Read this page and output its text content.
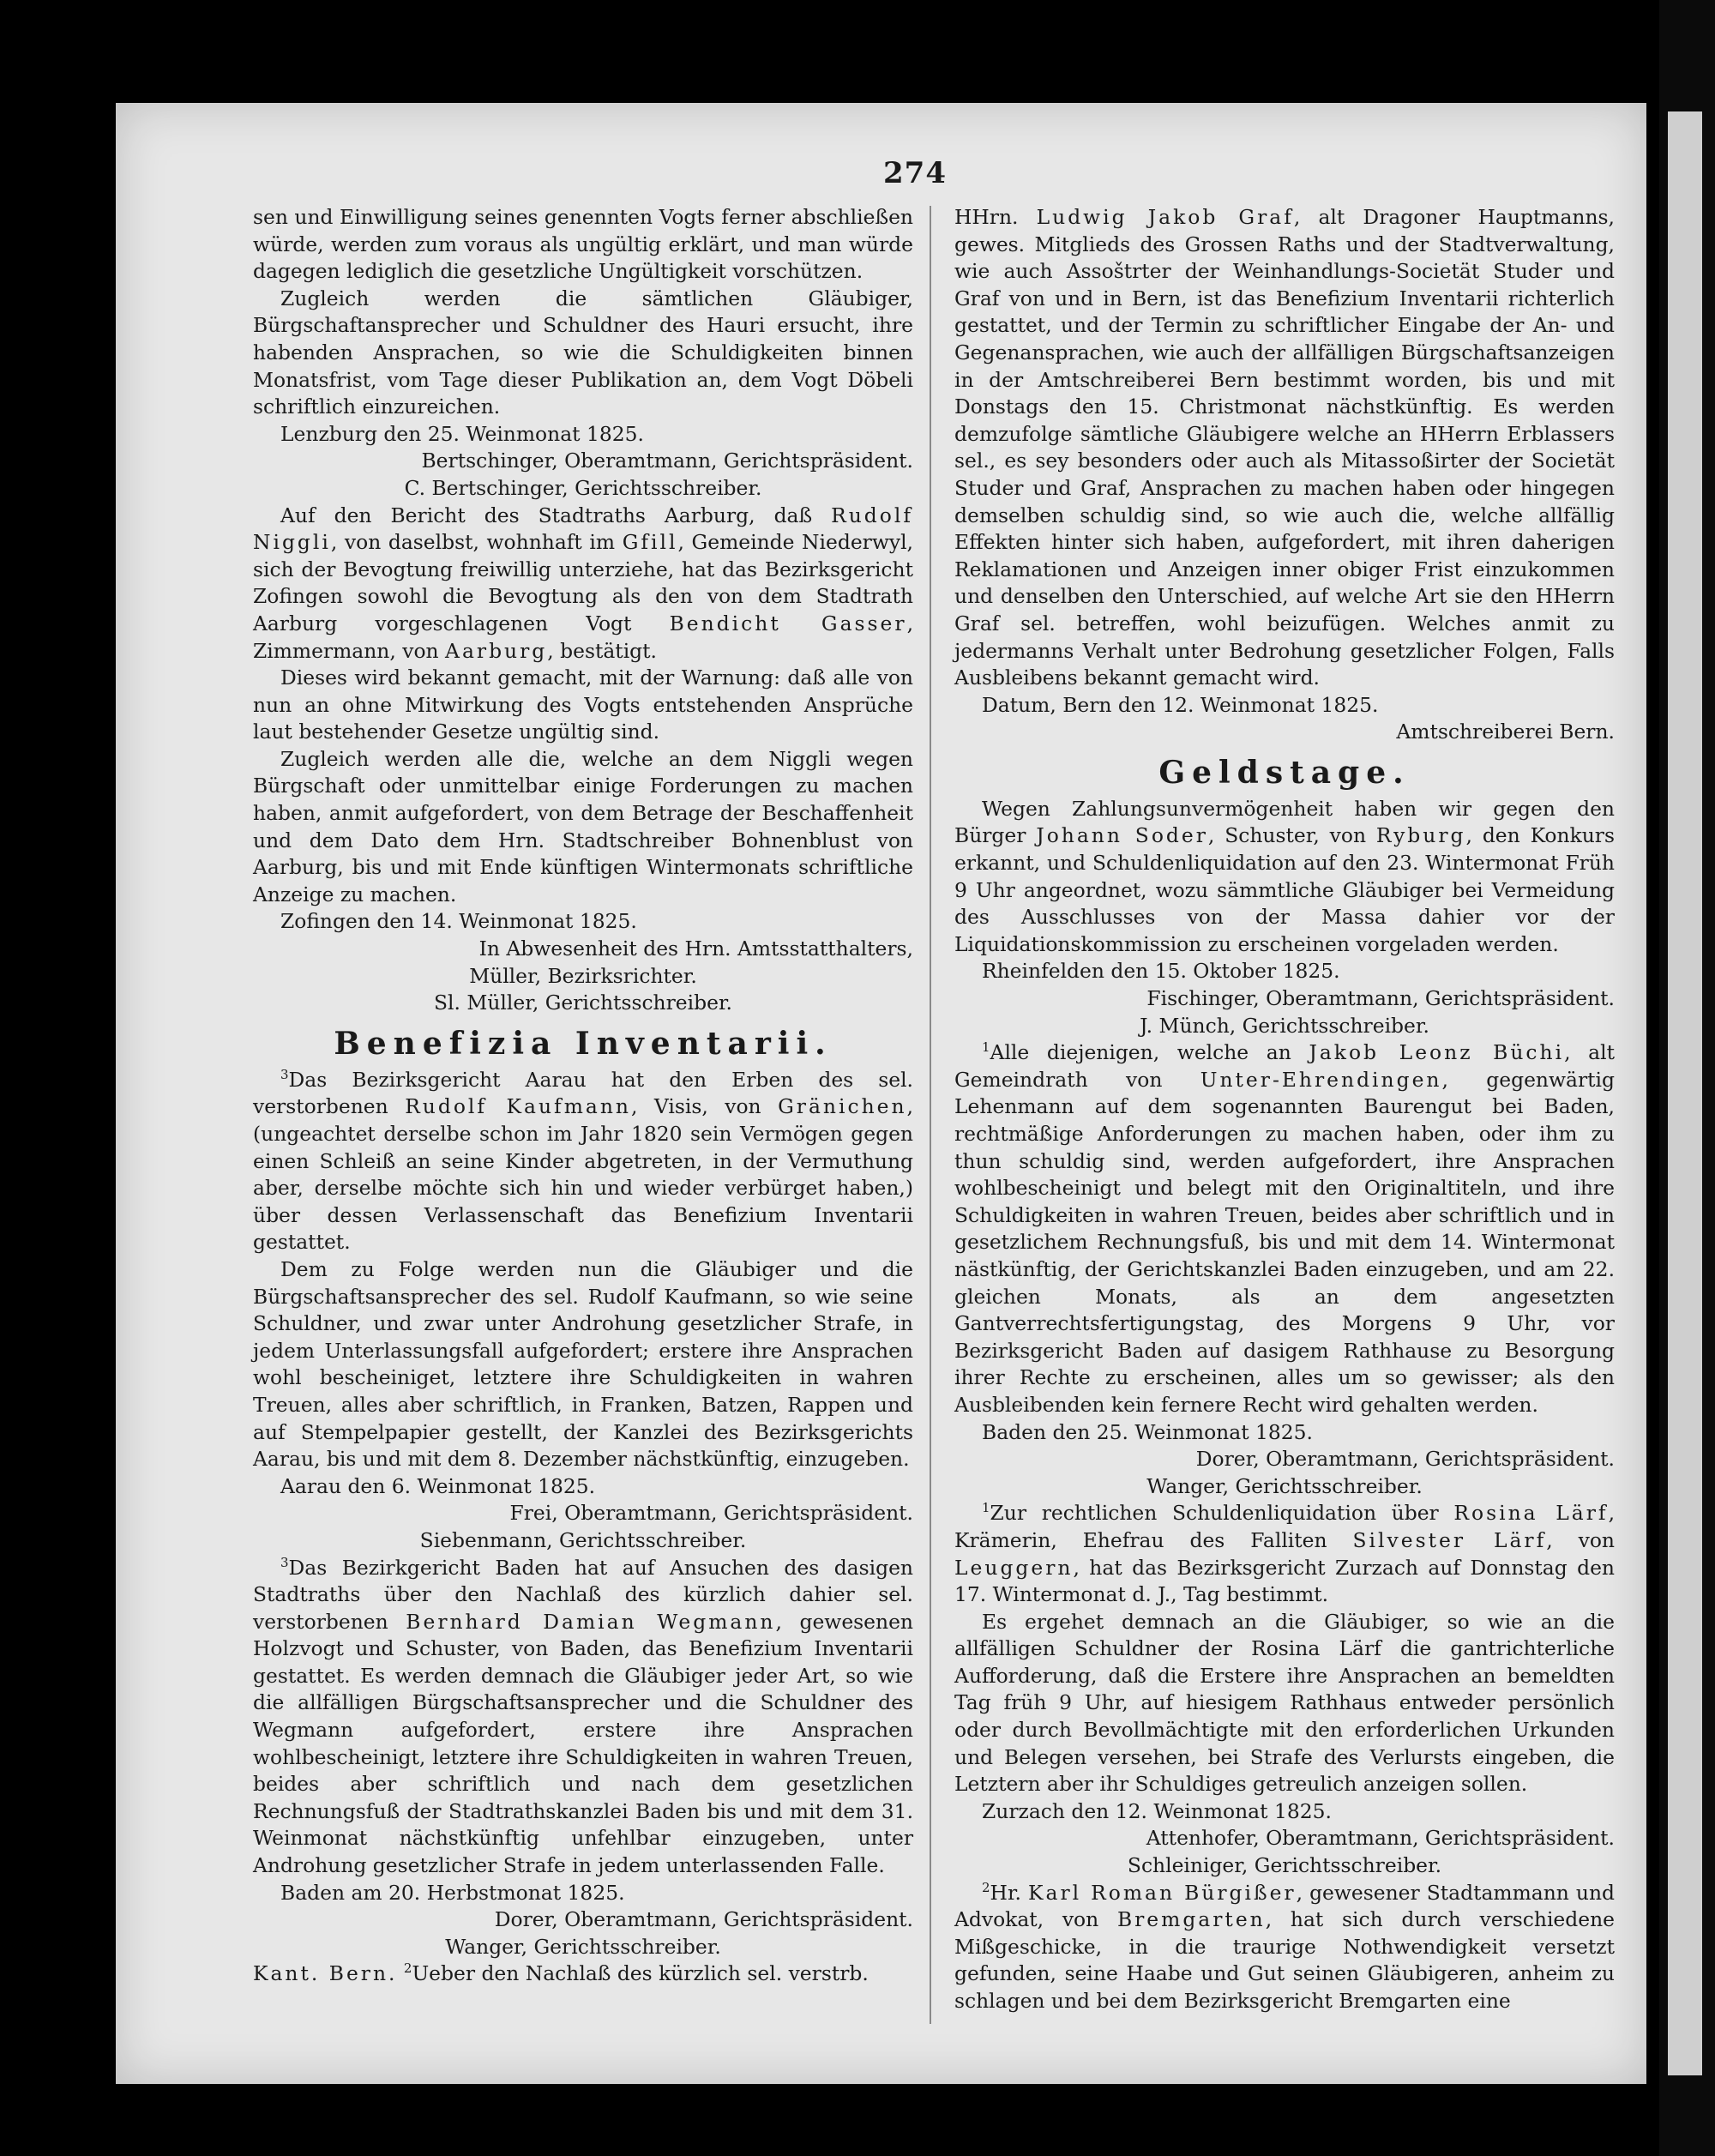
274

sen und Einwilligung seines genennten Vogts ferner abschließen würde, werden zum voraus als ungültig erklärt, und man würde dagegen lediglich die gesetzliche Ungültigkeit vorschützen.

Zugleich werden die sämtlichen Gläubiger, Bürgschaftansprecher und Schuldner des Hauri ersucht, ihre habenden Ansprachen, so wie die Schuldigkeiten binnen Monatsfrist, vom Tage dieser Publikation an, dem Vogt Döbeli schriftlich einzureichen.

Lenzburg den 25. Weinmonat 1825.

Bertschinger, Oberamtmann, Gerichtspräsident.

C. Bertschinger, Gerichtsschreiber.

Auf den Bericht des Stadtraths Aarburg, daß Rudolf Niggli, von daselbst, wohnhaft im Gfill, Gemeinde Niederwyl, sich der Bevogtung freiwillig unterziehe, hat das Bezirksgericht Zofingen sowohl die Bevogtung als den von dem Stadtrath Aarburg vorgeschlagenen Vogt Bendicht Gasser, Zimmermann, von Aarburg, bestätigt.

Dieses wird bekannt gemacht, mit der Warnung: daß alle von nun an ohne Mitwirkung des Vogts entstehenden Ansprüche laut bestehender Gesetze ungültig sind.

Zugleich werden alle die, welche an dem Niggli wegen Bürgschaft oder unmittelbar einige Forderungen zu machen haben, anmit aufgefordert, von dem Betrage der Beschaffenheit und dem Dato dem Hrn. Stadtschreiber Bohnenblust von Aarburg, bis und mit Ende künftigen Wintermonats schriftliche Anzeige zu machen.

Zofingen den 14. Weinmonat 1825.

In Abwesenheit des Hrn. Amtsstatthalters,

Müller, Bezirksrichter.

Sl. Müller, Gerichtsschreiber.

Benefizia Inventarii.

$^3$Das Bezirksgericht Aarau hat den Erben des sel. verstorbenen Rudolf Kaufmann, Visis, von Gränichen, (ungeachtet derselbe schon im Jahr 1820 sein Vermögen gegen einen Schleiß an seine Kinder abgetreten, in der Vermuthung aber, derselbe möchte sich hin und wieder verbürget haben,) über dessen Verlassenschaft das Benefizium Inventarii gestattet.

Dem zu Folge werden nun die Gläubiger und die Bürgschaftsansprecher des sel. Rudolf Kaufmann, so wie seine Schuldner, und zwar unter Androhung gesetzlicher Strafe, in jedem Unterlassungsfall aufgefordert; erstere ihre Ansprachen wohl bescheiniget, letztere ihre Schuldigkeiten in wahren Treuen, alles aber schriftlich, in Franken, Batzen, Rappen und auf Stempelpapier gestellt, der Kanzlei des Bezirksgerichts Aarau, bis und mit dem 8. Dezember nächstkünftig, einzugeben.

Aarau den 6. Weinmonat 1825.

Frei, Oberamtmann, Gerichtspräsident.

Siebenmann, Gerichtsschreiber.

$^3$Das Bezirkgericht Baden hat auf Ansuchen des dasigen Stadtraths über den Nachlaß des kürzlich dahier sel. verstorbenen Bernhard Damian Wegmann, gewesenen Holzvogt und Schuster, von Baden, das Benefizium Inventarii gestattet. Es werden demnach die Gläubiger jeder Art, so wie die allfälligen Bürgschaftsansprecher und die Schuldner des Wegmann aufgefordert, erstere ihre Ansprachen wohlbescheinigt, letztere ihre Schuldigkeiten in wahren Treuen, beides aber schriftlich und nach dem gesetzlichen Rechnungsfuß der Stadtrathskanzlei Baden bis und mit dem 31. Weinmonat nächstkünftig unfehlbar einzugeben, unter Androhung gesetzlicher Strafe in jedem unterlassenden Falle.

Baden am 20. Herbstmonat 1825.

Dorer, Oberamtmann, Gerichtspräsident.

Wanger, Gerichtsschreiber.

Kant. Bern. $^2$Ueber den Nachlaß des kürzlich sel. verstrb.

HHrn. Ludwig Jakob Graf, alt Dragoner Hauptmanns, gewes. Mitglieds des Grossen Raths und der Stadtverwaltung, wie auch Assoštrter der Weinhandlungs-Societät Studer und Graf von und in Bern, ist das Benefizium Inventarii richterlich gestattet, und der Termin zu schriftlicher Eingabe der An- und Gegenansprachen, wie auch der allfälligen Bürgschaftsanzeigen in der Amtschreiberei Bern bestimmt worden, bis und mit Donstags den 15. Christmonat nächstkünftig. Es werden demzufolge sämtliche Gläubigere welche an HHerrn Erblassers sel., es sey besonders oder auch als Mitassoßirter der Societät Studer und Graf, Ansprachen zu machen haben oder hingegen demselben schuldig sind, so wie auch die, welche allfällig Effekten hinter sich haben, aufgefordert, mit ihren daherigen Reklamationen und Anzeigen inner obiger Frist einzukommen und denselben den Unterschied, auf welche Art sie den HHerrn Graf sel. betreffen, wohl beizufügen. Welches anmit zu jedermanns Verhalt unter Bedrohung gesetzlicher Folgen, Falls Ausbleibens bekannt gemacht wird.

Datum, Bern den 12. Weinmonat 1825.

Amtschreiberei Bern.

Geldstage.

Wegen Zahlungsunvermögenheit haben wir gegen den Bürger Johann Soder, Schuster, von Ryburg, den Konkurs erkannt, und Schuldenliquidation auf den 23. Wintermonat Früh 9 Uhr angeordnet, wozu sämmtliche Gläubiger bei Vermeidung des Ausschlusses von der Massa dahier vor der Liquidationskommission zu erscheinen vorgeladen werden.

Rheinfelden den 15. Oktober 1825.

Fischinger, Oberamtmann, Gerichtspräsident.

J. Münch, Gerichtsschreiber.

$^1$Alle diejenigen, welche an Jakob Leonz Büchi, alt Gemeindrath von Unter-Ehrendingen, gegenwärtig Lehenmann auf dem sogenannten Baurengut bei Baden, rechtmäßige Anforderungen zu machen haben, oder ihm zu thun schuldig sind, werden aufgefordert, ihre Ansprachen wohlbescheinigt und belegt mit den Originaltiteln, und ihre Schuldigkeiten in wahren Treuen, beides aber schriftlich und in gesetzlichem Rechnungsfuß, bis und mit dem 14. Wintermonat nästkünftig, der Gerichtskanzlei Baden einzugeben, und am 22. gleichen Monats, als an dem angesetzten Gantverrechtsfertigungstag, des Morgens 9 Uhr, vor Bezirksgericht Baden auf dasigem Rathhause zu Besorgung ihrer Rechte zu erscheinen, alles um so gewisser; als den Ausbleibenden kein fernere Recht wird gehalten werden.

Baden den 25. Weinmonat 1825.

Dorer, Oberamtmann, Gerichtspräsident.

Wanger, Gerichtsschreiber.

$^1$Zur rechtlichen Schuldenliquidation über Rosina Lärf, Krämerin, Ehefrau des Falliten Silvester Lärf, von Leuggern, hat das Bezirksgericht Zurzach auf Donnstag den 17. Wintermonat d. J., Tag bestimmt.

Es ergehet demnach an die Gläubiger, so wie an die allfälligen Schuldner der Rosina Lärf die gantrichterliche Aufforderung, daß die Erstere ihre Ansprachen an bemeldten Tag früh 9 Uhr, auf hiesigem Rathhaus entweder persönlich oder durch Bevollmächtigte mit den erforderlichen Urkunden und Belegen versehen, bei Strafe des Verlursts eingeben, die Letztern aber ihr Schuldiges getreulich anzeigen sollen.

Zurzach den 12. Weinmonat 1825.

Attenhofer, Oberamtmann, Gerichtspräsident.

Schleiniger, Gerichtsschreiber.

$^2$Hr. Karl Roman Bürgißer, gewesener Stadtammann und Advokat, von Bremgarten, hat sich durch verschiedene Mißgeschicke, in die traurige Nothwendigkeit versetzt gefunden, seine Haabe und Gut seinen Gläubigeren, anheim zu schlagen und bei dem Bezirksgericht Bremgarten eine
